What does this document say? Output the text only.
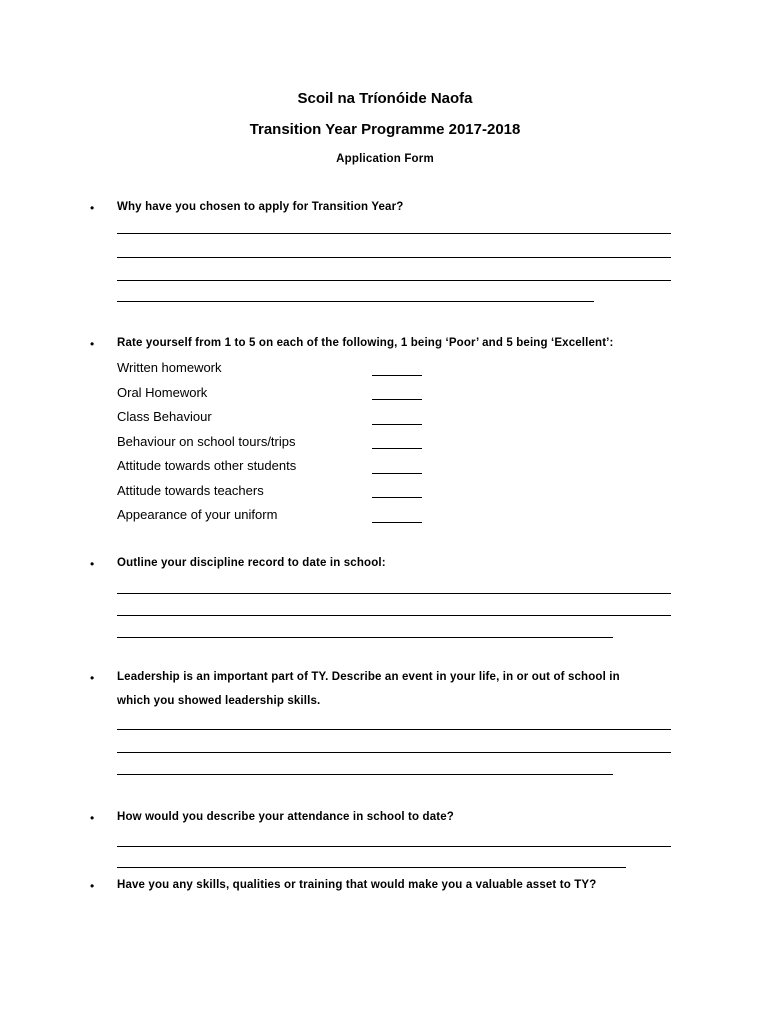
Scoil na Tríonóide Naofa
Transition Year Programme 2017-2018
Application Form
• Why have you chosen to apply for Transition Year?
• Rate yourself from 1 to 5 on each of the following, 1 being ‘Poor’ and 5 being ‘Excellent’:
Written homework
Oral Homework
Class Behaviour
Behaviour on school tours/trips
Attitude towards other students
Attitude towards teachers
Appearance of your uniform
• Outline your discipline record to date in school:
• Leadership is an important part of TY. Describe an event in your life, in or out of school in
which you showed leadership skills.
• How would you describe your attendance in school to date?
• Have you any skills, qualities or training that would make you a valuable asset to TY?
